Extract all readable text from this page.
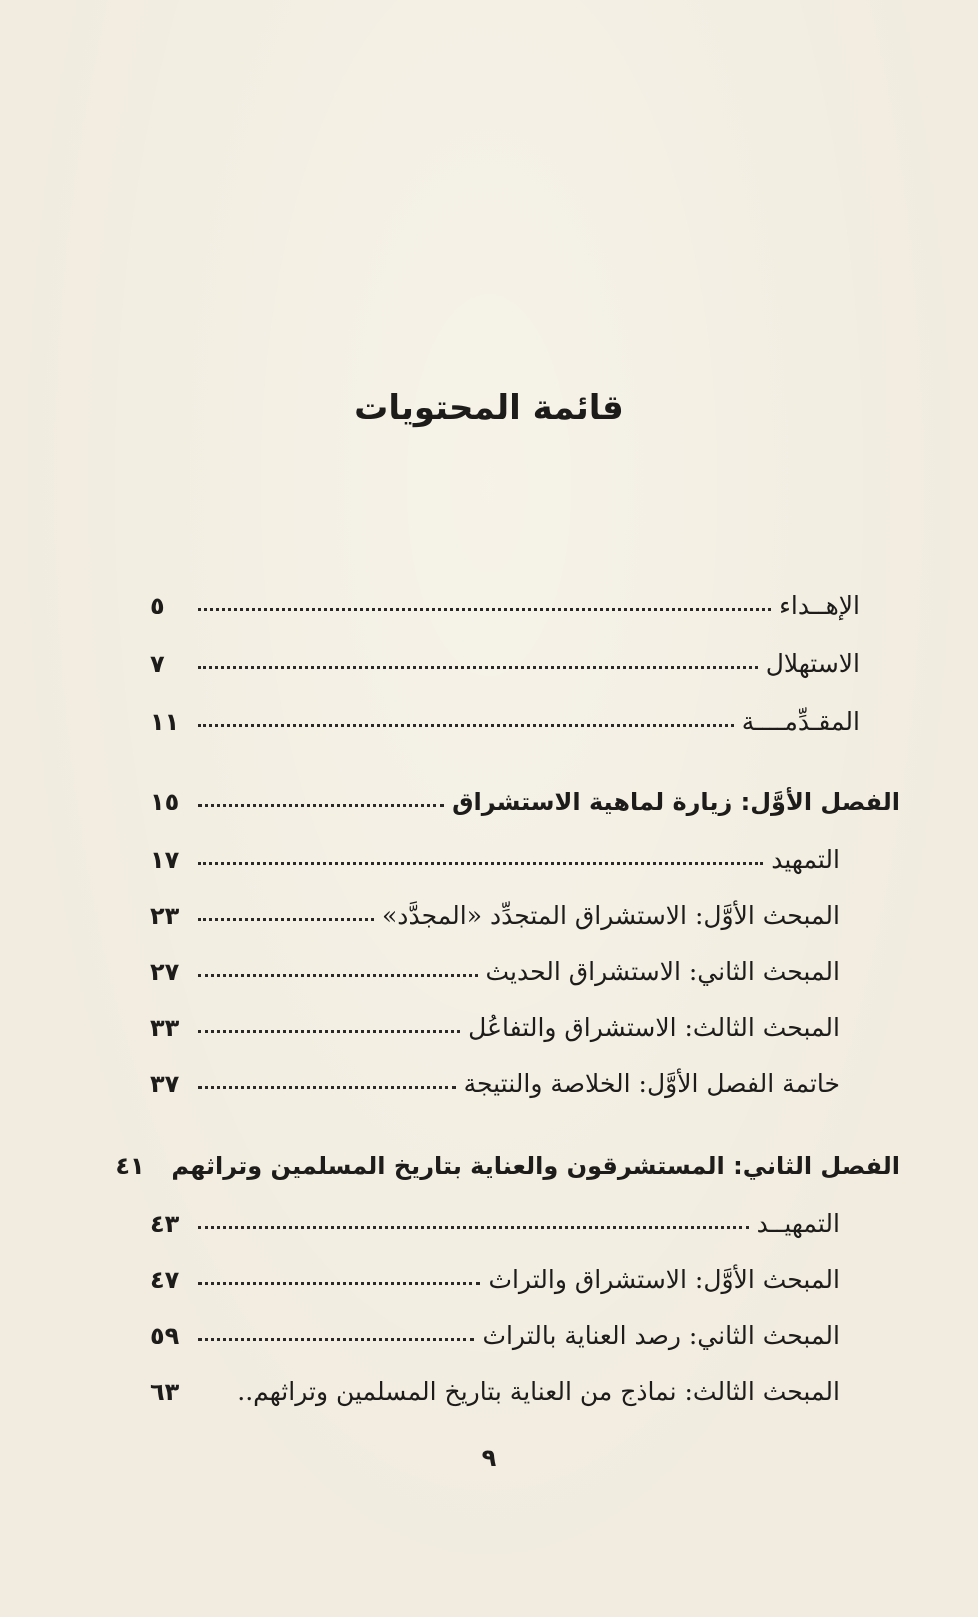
قائمة المحتويات
الإهــداء
٥
الاستهلال
٧
المقـدِّمــــة
١١
الفصل الأوَّل: زيارة لماهية الاستشراق
١٥
التمهيد
١٧
المبحث الأوَّل: الاستشراق المتجدِّد «المجدَّد»
٢٣
المبحث الثاني: الاستشراق الحديث
٢٧
المبحث الثالث: الاستشراق والتفاعُل
٣٣
خاتمة الفصل الأوَّل: الخلاصة والنتيجة
٣٧
الفصل الثاني: المستشرقون والعناية بتاريخ المسلمين وتراثهم
٤١
التمهيــد
٤٣
المبحث الأوَّل: الاستشراق والتراث
٤٧
المبحث الثاني: رصد العناية بالتراث
٥٩
المبحث الثالث: نماذج من العناية بتاريخ المسلمين وتراثهم..
٦٣
٩
